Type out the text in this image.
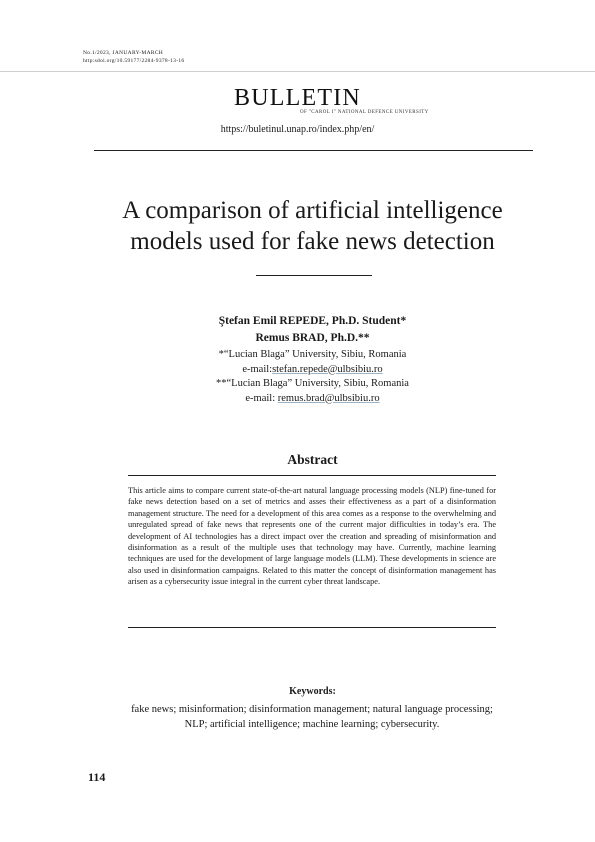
No.1/2023, JANUARY-MARCH
http:sdoi.org/10.59177/2284-9378-13-16
BULLETIN
OF "CAROL I" NATIONAL DEFENCE UNIVERSITY
https://buletinul.unap.ro/index.php/en/
A comparison of artificial intelligence
models used for fake news detection
Ştefan Emil REPEDE, Ph.D. Student*
Remus BRAD, Ph.D.**
*“Lucian Blaga” University, Sibiu, Romania
e-mail:stefan.repede@ulbsibiu.ro
**“Lucian Blaga” University, Sibiu, Romania
e-mail: remus.brad@ulbsibiu.ro
Abstract

This article aims to compare current state-of-the-art natural language processing models (NLP) fine-tuned for fake news detection based on a set of metrics and asses their effectiveness as a part of a disinformation management structure. The need for a development of this area comes as a response to the overwhelming and unregulated spread of fake news that represents one of the current major difficulties in today’s era. The development of AI technologies has a direct impact over the creation and spreading of misinformation and disinformation as a result of the multiple uses that technology may have. Currently, machine learning techniques are used for the development of large language models (LLM). These developments in science are also used in disinformation campaigns. Related to this matter the concept of disinformation management has arisen as a cybersecurity issue integral in the current cyber threat landscape.

Keywords:

fake news; misinformation; disinformation management; natural language processing; NLP; artificial intelligence; machine learning; cybersecurity.

114
